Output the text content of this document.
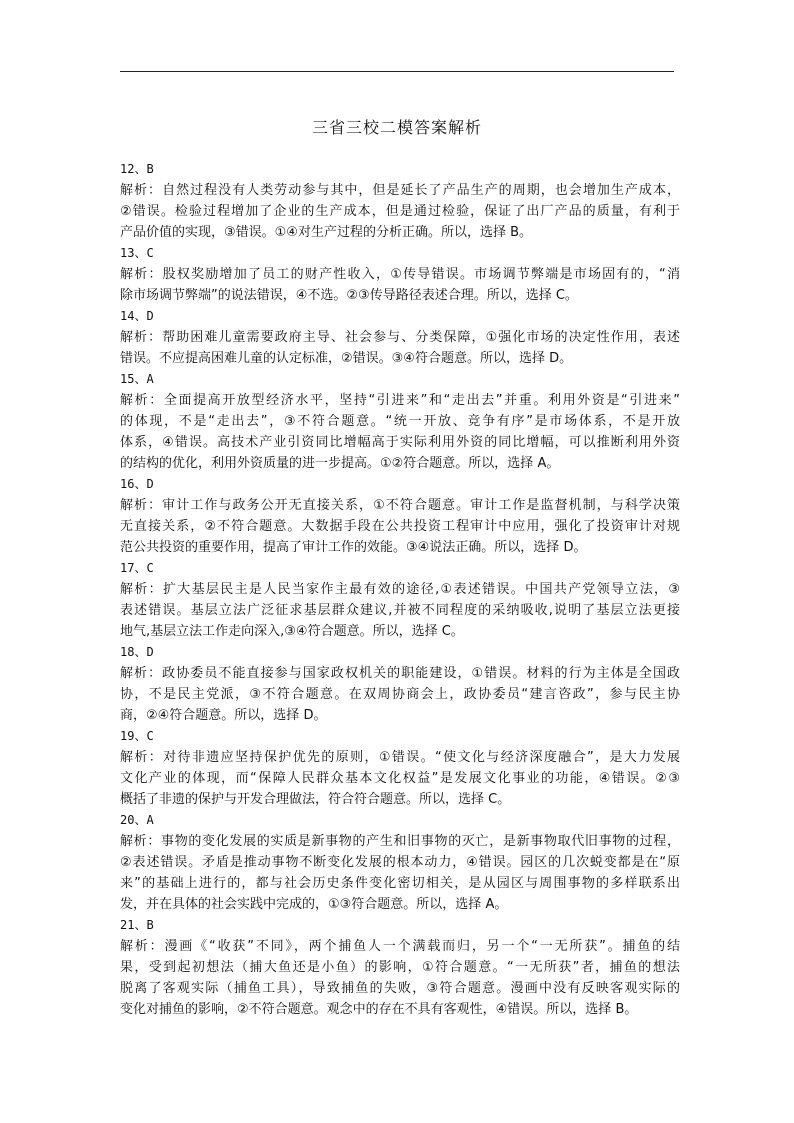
三省三校二模答案解析
12、B
解析：自然过程没有人类劳动参与其中，但是延长了产品生产的周期，也会增加生产成本，
②错误。检验过程增加了企业的生产成本，但是通过检验，保证了出厂产品的质量，有利于
产品价值的实现，③错误。①④对生产过程的分析正确。所以，选择 B。
13、C
解析：股权奖励增加了员工的财产性收入，①传导错误。市场调节弊端是市场固有的，“消
除市场调节弊端”的说法错误，④不选。②③传导路径表述合理。所以，选择 C。
14、D
解析：帮助困难儿童需要政府主导、社会参与、分类保障，①强化市场的决定性作用，表述
错误。不应提高困难儿童的认定标准，②错误。③④符合题意。所以，选择 D。
15、A
解析：全面提高开放型经济水平，坚持“引进来”和“走出去”并重。利用外资是“引进来”
的体现，不是“走出去”，③不符合题意。“统一开放、竞争有序”是市场体系，不是开放
体系，④错误。高技术产业引资同比增幅高于实际利用外资的同比增幅，可以推断利用外资
的结构的优化，利用外资质量的进一步提高。①②符合题意。所以，选择 A。
16、D
解析：审计工作与政务公开无直接关系，①不符合题意。审计工作是监督机制，与科学决策
无直接关系，②不符合题意。大数据手段在公共投资工程审计中应用，强化了投资审计对规
范公共投资的重要作用，提高了审计工作的效能。③④说法正确。所以，选择 D。
17、C
解析：扩大基层民主是人民当家作主最有效的途径,①表述错误。中国共产党领导立法，③
表述错误。基层立法广泛征求基层群众建议,并被不同程度的采纳吸收,说明了基层立法更接
地气,基层立法工作走向深入,③④符合题意。所以，选择 C。
18、D
解析：政协委员不能直接参与国家政权机关的职能建设，①错误。材料的行为主体是全国政
协，不是民主党派，③不符合题意。在双周协商会上，政协委员“建言咨政”，参与民主协
商，②④符合题意。所以，选择 D。
19、C
解析：对待非遗应坚持保护优先的原则，①错误。“使文化与经济深度融合”，是大力发展
文化产业的体现，而“保障人民群众基本文化权益”是发展文化事业的功能，④错误。②③
概括了非遗的保护与开发合理做法，符合符合题意。所以，选择 C。
20、A
解析：事物的变化发展的实质是新事物的产生和旧事物的灭亡，是新事物取代旧事物的过程，
②表述错误。矛盾是推动事物不断变化发展的根本动力，④错误。园区的几次蜕变都是在“原
来”的基础上进行的，都与社会历史条件变化密切相关，是从园区与周围事物的多样联系出
发，并在具体的社会实践中完成的，①③符合题意。所以，选择 A。
21、B
解析：漫画《“收获”不同》，两个捕鱼人一个满载而归，另一个“一无所获”。捕鱼的结
果，受到起初想法（捕大鱼还是小鱼）的影响，①符合题意。“一无所获”者，捕鱼的想法
脱离了客观实际（捕鱼工具），导致捕鱼的失败，③符合题意。漫画中没有反映客观实际的
变化对捕鱼的影响，②不符合题意。观念中的存在不具有客观性，④错误。所以，选择 B。
